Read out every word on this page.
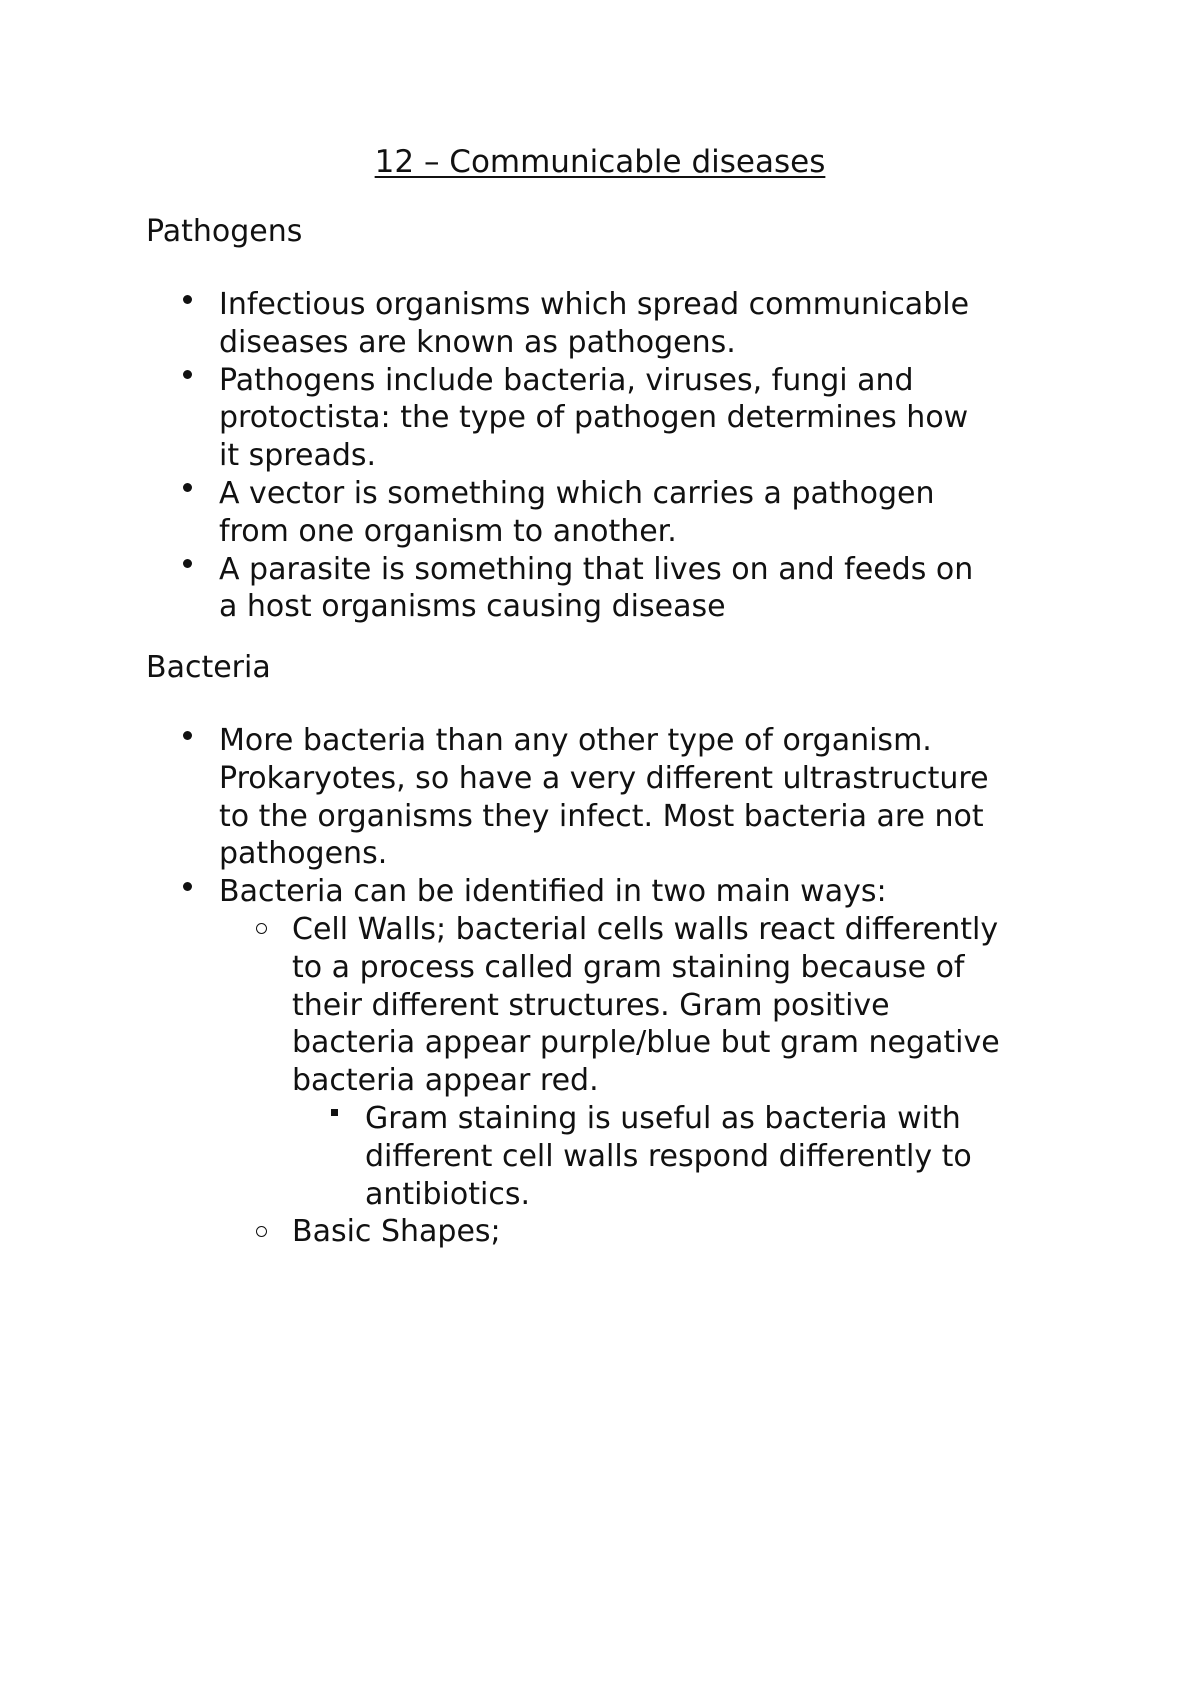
12 – Communicable diseases
Pathogens
Infectious organisms which spread communicable
diseases are known as pathogens.
Pathogens include bacteria, viruses, fungi and
protoctista: the type of pathogen determines how
it spreads.
A vector is something which carries a pathogen
from one organism to another.
A parasite is something that lives on and feeds on
a host organisms causing disease
Bacteria
More bacteria than any other type of organism.
Prokaryotes, so have a very different ultrastructure
to the organisms they infect. Most bacteria are not
pathogens.
Bacteria can be identified in two main ways:
Cell Walls; bacterial cells walls react differently
to a process called gram staining because of
their different structures. Gram positive
bacteria appear purple/blue but gram negative
bacteria appear red.
Gram staining is useful as bacteria with
different cell walls respond differently to
antibiotics.
Basic Shapes;
